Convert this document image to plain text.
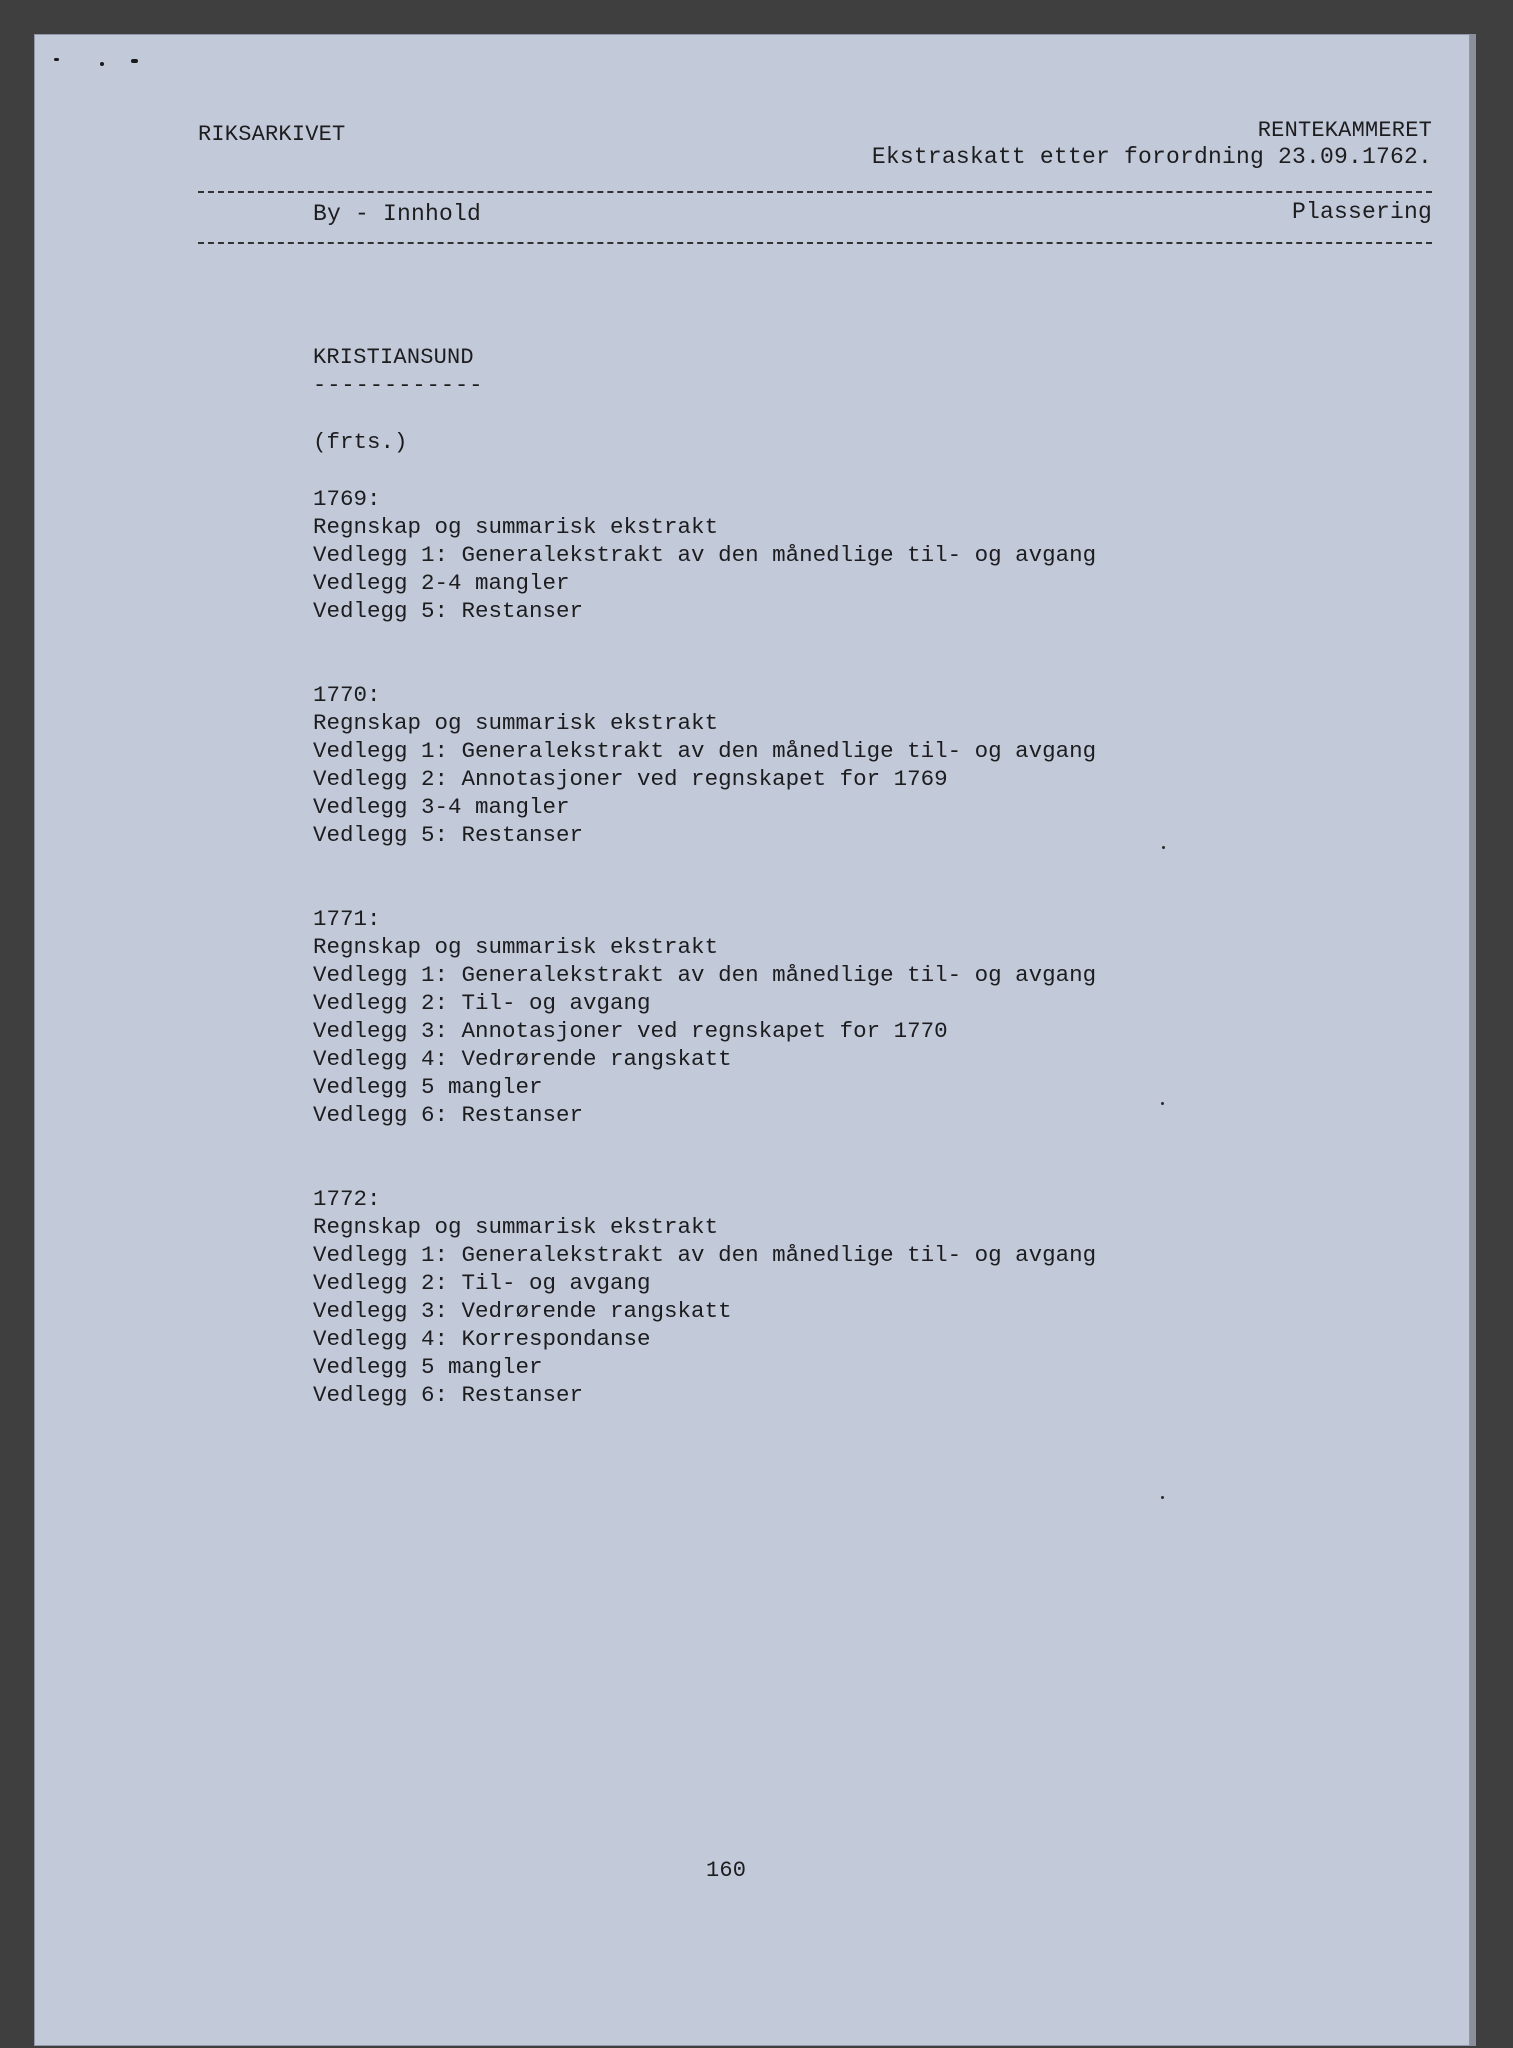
RIKSARKIVET	RENTEKAMMERET
Ekstraskatt etter forordning 23.09.1762.
By - Innhold	Plassering
KRISTIANSUND
------------
(frts.)
1769:
Regnskap og summarisk ekstrakt
Vedlegg 1: Generalekstrakt av den månedlige til- og avgang
Vedlegg 2-4 mangler
Vedlegg 5: Restanser
1770:
Regnskap og summarisk ekstrakt
Vedlegg 1: Generalekstrakt av den månedlige til- og avgang
Vedlegg 2: Annotasjoner ved regnskapet for 1769
Vedlegg 3-4 mangler
Vedlegg 5: Restanser
1771:
Regnskap og summarisk ekstrakt
Vedlegg 1: Generalekstrakt av den månedlige til- og avgang
Vedlegg 2: Til- og avgang
Vedlegg 3: Annotasjoner ved regnskapet for 1770
Vedlegg 4: Vedrørende rangskatt
Vedlegg 5 mangler
Vedlegg 6: Restanser
1772:
Regnskap og summarisk ekstrakt
Vedlegg 1: Generalekstrakt av den månedlige til- og avgang
Vedlegg 2: Til- og avgang
Vedlegg 3: Vedrørende rangskatt
Vedlegg 4: Korrespondanse
Vedlegg 5 mangler
Vedlegg 6: Restanser
160
